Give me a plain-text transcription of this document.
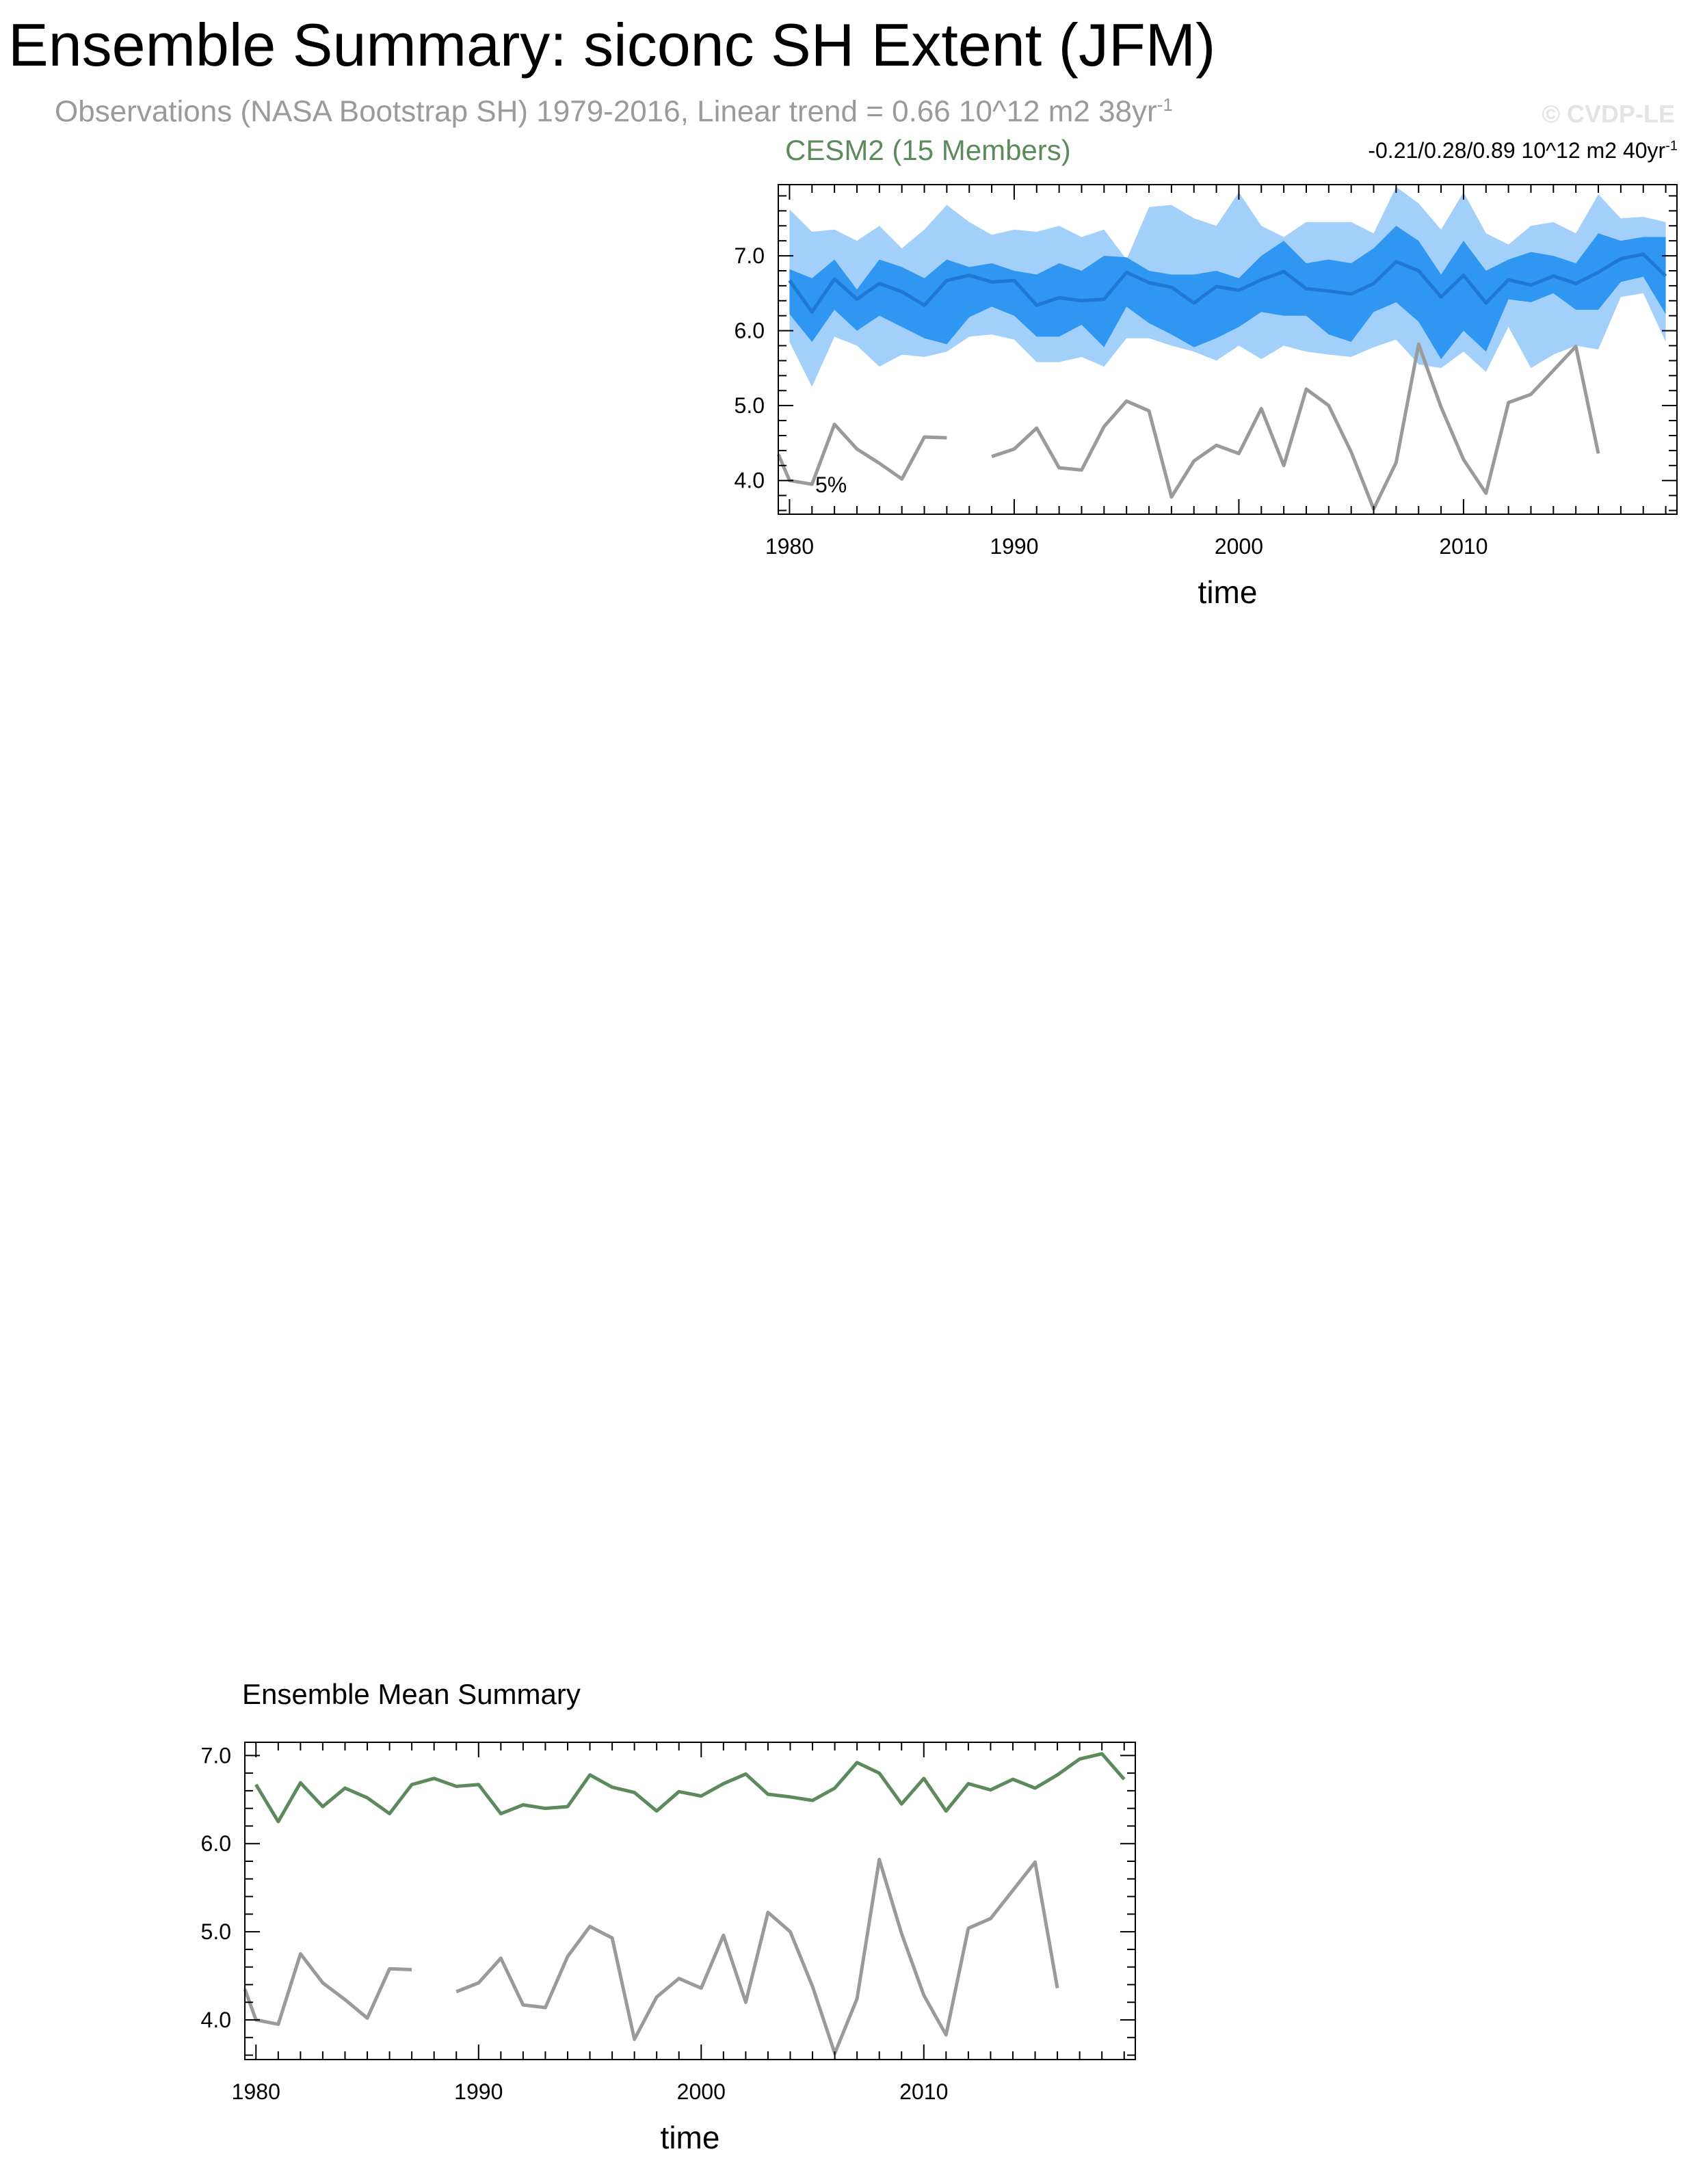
Ensemble Summary: siconc SH Extent (JFM)
Observations (NASA Bootstrap SH) 1979-2016, Linear trend = 0.66 10^12 m2 $38yr^{-1}$	© CVDP-LE
CESM2 (15 Members)	-0.21/0.28/0.89 10^12 m2 $40yr^{-1}$
Ensemble Mean Summary
5%
1980	1990	2000	2010
4.0
5.0
6.0
7.0
time
1980	1990	2000	2010
4.0
5.0
6.0
7.0
time
